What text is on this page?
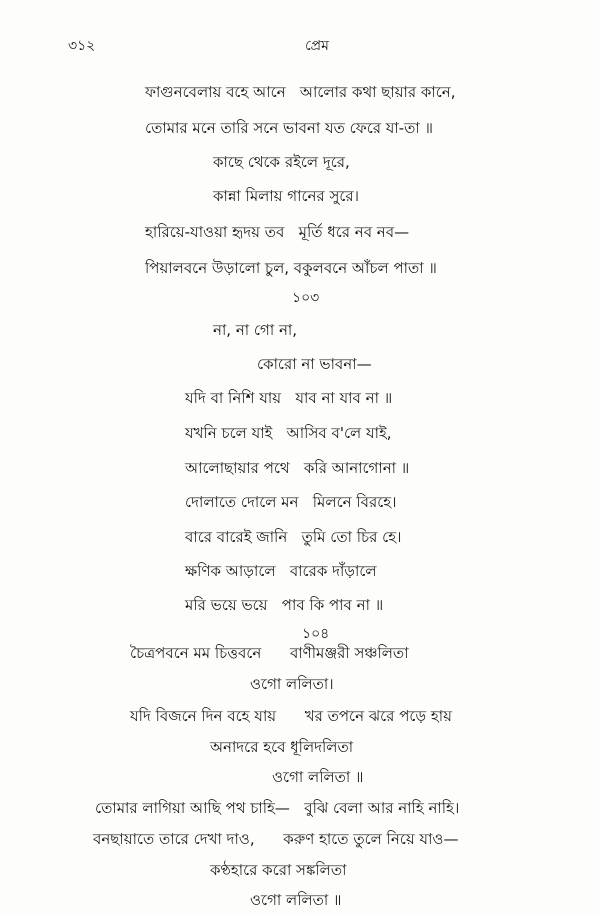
৩১২	প্রেম
ফাগুনবেলায় বহে আনে   আলোর কথা ছায়ার কানে,
তোমার মনে তারি সনে ভাবনা যত ফেরে যা-তা ॥
কাছে থেকে রইলে দূরে,
কান্না মিলায় গানের সুরে।
হারিয়ে-যাওয়া হৃদয় তব   মূর্তি ধরে নব নব—
পিয়ালবনে উড়ালো চুল, বকুলবনে আঁচল পাতা ॥
১০৩
না, না গো না,
কোরো না ভাবনা—
যদি বা নিশি যায়   যাব না যাব না ॥
যখনি চলে যাই   আসিব ব'লে যাই,
আলোছায়ার পথে   করি আনাগোনা ॥
দোলাতে দোলে মন   মিলনে বিরহে।
বারে বারেই জানি   তুমি তো চির হে।
ক্ষণিক আড়ালে   বারেক দাঁড়ালে
মরি ভয়ে ভয়ে   পাব কি পাব না ॥
১০৪
চৈত্রপবনে মম চিত্তবনে      বাণীমঞ্জরী সঞ্চলিতা
ওগো ললিতা।
যদি বিজনে দিন বহে যায়      খর তপনে ঝরে পড়ে হায়
অনাদরে হবে ধূলিদলিতা
ওগো ললিতা ॥
তোমার লাগিয়া আছি পথ চাহি—   বুঝি বেলা আর নাহি নাহি।
বনছায়াতে তারে দেখা দাও,      করুণ হাতে তুলে নিয়ে যাও—
কণ্ঠহারে করো সঙ্কলিতা
ওগো ললিতা ॥
